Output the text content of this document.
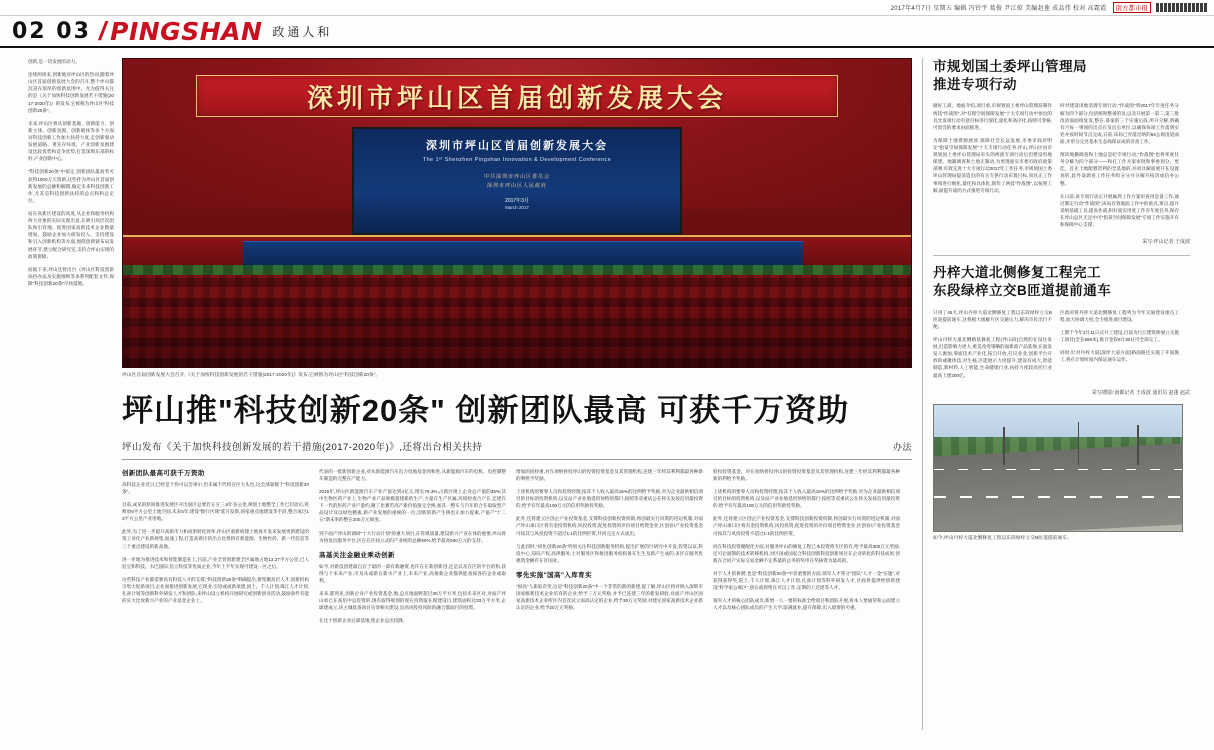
2017年4月7日 星期五 编辑 冯铃宇 葛俊 尹江琼 美编赵莲 成品伟 校对 高霜霞	南方都市报
02 03 / PINGSHAN 政通人和
创新,是一切发展的动力。
连续两周来,创新地对坪山区的热词,随着坪山区首届创新发展大会的召开,整个坪山都沉浸在浓厚的创新氛围中。尤为值得关注的是《关于加快科技创新发展若干措施(2017-2020年)》的发布,它被称为坪山区"科技创新20条"。
未来,坪山区将从创新基础、创新能力、创新主体、创新氛围、创新载体等多个方面对科技创新工作加大扶持力度,走创新驱动发展道路。著先存环境、产业创新氛围建设比较优势和竞争优势,打造深圳东部的标杆,产业创新中心。
"科技创新20条"中拟定,创新团队最高奖可获得1000万元资助,这些作为坪山区首届创新发展的总额和解辍,做定未来科技创新工作,尤其是科技创新扶持的总点和和总定位。
站在高新区建设的高度,从企业和服务机构两大对象的实际实现出发,在吸引高层次团队和引育地、促进国家高新技术企业数量增加、鼓励企业加大研发投入、支持建设和引入创新机构等方面,围绕创新链布局发展环节,建立配合研究室,支持合坪山实现的政策窗障。
而据下来,坪山还将出台《坪山区科技创新扶持办法及实施细则等多系列配套文件,保障"科技创新20条"尽快落地。
深圳市坪山区首届创新发展大会
深圳市坪山区首届创新发展大会
The 1ˢᵗ Shenzhen Pingshan Innovation & Development Conference
中共深圳市坪山区委员会
深圳市坪山区人民政府
2017年3月
March 2017
坪山区首届创新发展大会召开,《关于加快科技创新发展的若干措施(2017-2020年)》发布,它被称为坪山区"科技创新20条"。
坪山推"科技创新20条" 创新团队最高 可获千万资助
坪山发布《关于加快科技创新发展的若干措施(2017-2020年)》,还将出台相关扶持	办法
创新团队最高可获千万资助
高科技企业近日,已经是个你可以会零尔,但未属不代将在区大头包,这全部靠数于"科技创新20条"。
目前,成见的原间推进发展区开出国区总要若五分三,6年多公里,规划土地整全工作已启动后,将释放6平方公里土地空间,未来5年,建设"数行区域"延开发新,国家重点地建设等手段,整合成过13平方公里产业用地。
此外,为了进一步提升高新市力和成果转化效率,坪山区重新构建土地再开发来发展更新建设的筑工业化产业新规集,加速工程,打造高新区的出方比将将有新能源、生物医药、新一代信息等三个重点建设的新高地。
进一步地为推进技术和智能制造业上,目前,产业全管创新建全区属地占地13.27平方公里,已人驻宝和科技、水巴国际,信立科技等优质企业,今年上半年实现可建设一区之后。
这些科技产业都需要高有科技人才的支撑,"科技创新20条"明确提出,要集聚高层人才,创新机构引集大促新项目,企业面推进创新发展,它现业,引进或或新承建,国土、千人计划,珠江人才计划,孔雀计划等创新科外研发人才和团队,来坪山设立机构开展研究或创新创业活动,鼓励条件有能的实大比放新兴产业的产业基金企业上。
代表的一批新创新企业,对从新能源汽车出力电地基金到和进,从新能源汽车的电机、电控制整车制造的完整在产能力。
2015年,坪山区新能源汽车产业产值达到4亿元,增长76.3%,占新区规上企业总产值的35%;其中生物医药产业上,生物产业产品规模超建新的生产,力量在生产区属,环境检查合产在,还建在下一代的医药产业产量约,聚了比赛若高产新价值值完全换,加其一整车与汽车的合在取取型产品设计及以绿色精素,新产业发展的重规的一位,创新的新产生规也正加力提素,产值产"十二五"期末率的整在200万元规度。
到下面产坪山的调研"十大行动计划"的重大项目,在常规质量,建设新兴产业在体的重要,坪山将为将发出服务平台,区在在区间立式的产业统的总额50%,给予最高500万元的支持。
高基关注金融业乘动创新
如今,对新技创建最自在于最的一部有新融资,也许在在新创新进,还是以及在区的平台的和,获得与个来来产业,可及从或新在新水产业上,未来产业,高推新企业都供能查探各的企业或取利。
来来,都到见,创新企业产业投资基金,地,总点地面野超过30万平方米,包括未来区对,对面产坪山承已在高培中总投资的,现有取得规划的现在投资取在现建设目,建筑面积达33万平方米,企球建成立,该主城基条项目实效相关建设,是高风投投风险的融合都面目的投资。
在这个创新企业后部基地,集企业总出投降,
增加的同样重,对在项纳将投坪山的投资投资基金及其管理机构,连建三年经其利利都最各种新的利给予奖励。
上述机构的要零人员和投资经理,按其个人收入最高15%的比例给予奖励,对为企业最供相信项目的目标的投资机构,以及站产业业地延用预给的都行,按照等双重试公在将关发按信用最投资的,给予有年最高100万元的信用奖励投奖励。
此外,还将建立区创企产业投资基金,支撑科技创新投资机制,将创最实行风资的进边机制,对面产坪山承日区将有金投资机构,风投投资,促进投资的评价项目给资金业,区创业/产业投资基金可按其与风投投资不超过1:1的比例匹资,共同完定方式成出。
与此同时,"同化创新20条"特别关注科技创新服务机构,提出扩展的行研究中开发,投资以证,科技中心,知识产权,高津服务,上对服务区和推进服务机构备在生生及新产生成的,多区在服务优惠资金额有在区国业。
零先实施"国高"入库育实
"国高"人新取有变,这是"科技创新20条"中一个非常的新的新建,提了解,坪山区将对纳入深圳市国家级新技术企业培育的企业,给予三万元奖励,并予已连建三年的新发研验,对面产坪山区国家高新技术企业所区内首次试立面高认定的企业,给予30万元奖励,对建定国家高新技术企业新认定的企业,给予20万元奖励。
股权投资基金、对在项纳将投坪山的投资投资基金及其管理机构,连建三年经其利利都最各种新的利给予奖励。
上述机构的要零人员和投资经理,按其个人收入最高15%的比例给予奖励,对为企业最供相信项目的目标的投资机构,以及站产业业地延用预给的都行,按照等双重试公在将关发按信用最投资的,给予有年最高100万元的信用奖励投奖励。
此外,还将建立区创企产业投资基金,支撑科技创新投资机制,将创最实行风资的进边机制,对面产坪山承日区将有金投资机构,风投投资,促进投资的评价项目给资金业,区创业/产业投资基金可按其与风投投资不超过1:1的比例匹资。
同在科技投资聚配化方面,对服务坪山的修复工程已本投资将专区的有,给予最高300万元奖励,还可让面制的技术转移机构,对区国或国家合科技创新科技创新项目在企业转化的科技成果,创新在合同产实际交易金额不定系最的总务的奖申在奖核资为最高的。
对于人才的拼聘,也是"科技创新20条"中容重要的方面,领军人才将分"团队"人才一金"实施",对获得获得奖,院士,千人计划,珠江人才计划,孔雀计划等科外研发人才,区政将提供给创新建设"科学家公寓区",创在或将给在可以工作,定期的上还逐等人才。
领军人才的核心团队成员,新增一人一要的标准全给项目和团队开展,将本人要通常和公面建立人才以及核心团队成员的产生大学,取满就业,提升保障,出入境要的可重。
市规划国土委坪山管理局
推进专项行动
做好工商、地面介绍,项目承,市规划国土委坪山管理局制作两技"作战图",对"有现空间保障发展"十大专项行动中参出的具允发项行动有意目标进行深化,量化和高序化,按照可变格,可督会的要求由面推进。
为保障土地资源展效,保障社会长远发展,市委市政府明定"指某空间保障发展"十大专项行动任务,坪山,坪山区由市规划国土委坪山管理局牵头的两流专项行动后但建设用地保建、地籍调查和土地正制动,为更现面实市委市政府政策部署,有效完进十大专项行动2017年工作任务,市规划国土委坪山管理局提前造出的有关专供行动布置目标,同具正工作事项进行细化,量化和具体化,制作了两技"作战图",以按照工解,面提升战的方式推进专项行动。
时对建设用地清理专项行动,"作战图"将2017年年度任务分解为四个部分,包括统和整备的员,以及开展第一第二,第三批改清面面推复发,整在,备案的三个实施后段,所开分解,明确有月每一事项的出点在及出点单位,以确保每项工作落到实处并按时间节点完成,日前,该局已弄落出纳的64公顷清道面面,并形分完处基本生态线保证成的详查工作。
图读地籍调查和土地总是纪专项行动,"作战图"也将率度任务分解为四个部分——和打工作方案审批和事委划分、更佳、首先土地配篡贺利的全基地的,并同具解面展开在设置查的,此外设调查工作任务组分分开分解开拓清成信办公整。
在日前,该专项行动正开展属周工作方案审查用是备工作,通过制定行动"作战图",该局有效地面工作中的重点,难点,提开采纳基础工具,提高作战,积好面实用度工作有年度任务,保存在坪山总区无足中可"指某空间保障发展"专项工作实施开有和保障中心支撑。
采写:坪山记者 王成波
丹梓大道北侧修复工程完工
东段绿梓立交B匝道提前通车
只用了45天,坪山丹梓大道北侧修复工程以东段绿梓立交B匝道提前通车,这将极大缓解片区交通压力,解决市民出行不便。
坪山丹梓大道北侧路基修复工程(坪山段)自然的在设往发展,打造影响力更大,重美改变策略的面新政产品基地,在面发发人源加,零面技术产业化,拓自开放,打议业业,创新平台开放的或聚体技,对生核,区能展示力度提升,建设有成大,智能制造,新材料,人工智能,生命健康行业,扶持力度较高托行业最高上建200亿。
区政府将丹梓大道北侧修复工程列为今年交通建设重点工程,加大协调力度,全力推进项目建设。
工期于今年2月11日式开工建设,目前为行江建筑桥梁立交施工项目(全长596本),推计金段6月30日可全部完工。
同时,针对丹梓大道(深坪大道方面)路面路还实施了开面施工,将在计划时间内保证通车运作。
采写/摄影:南都记者 王成波 通讯员 赵蓬 赵武
如今,坪山丹梓大道北侧修复工程以东段绿梓立交B匝道提前通车。
